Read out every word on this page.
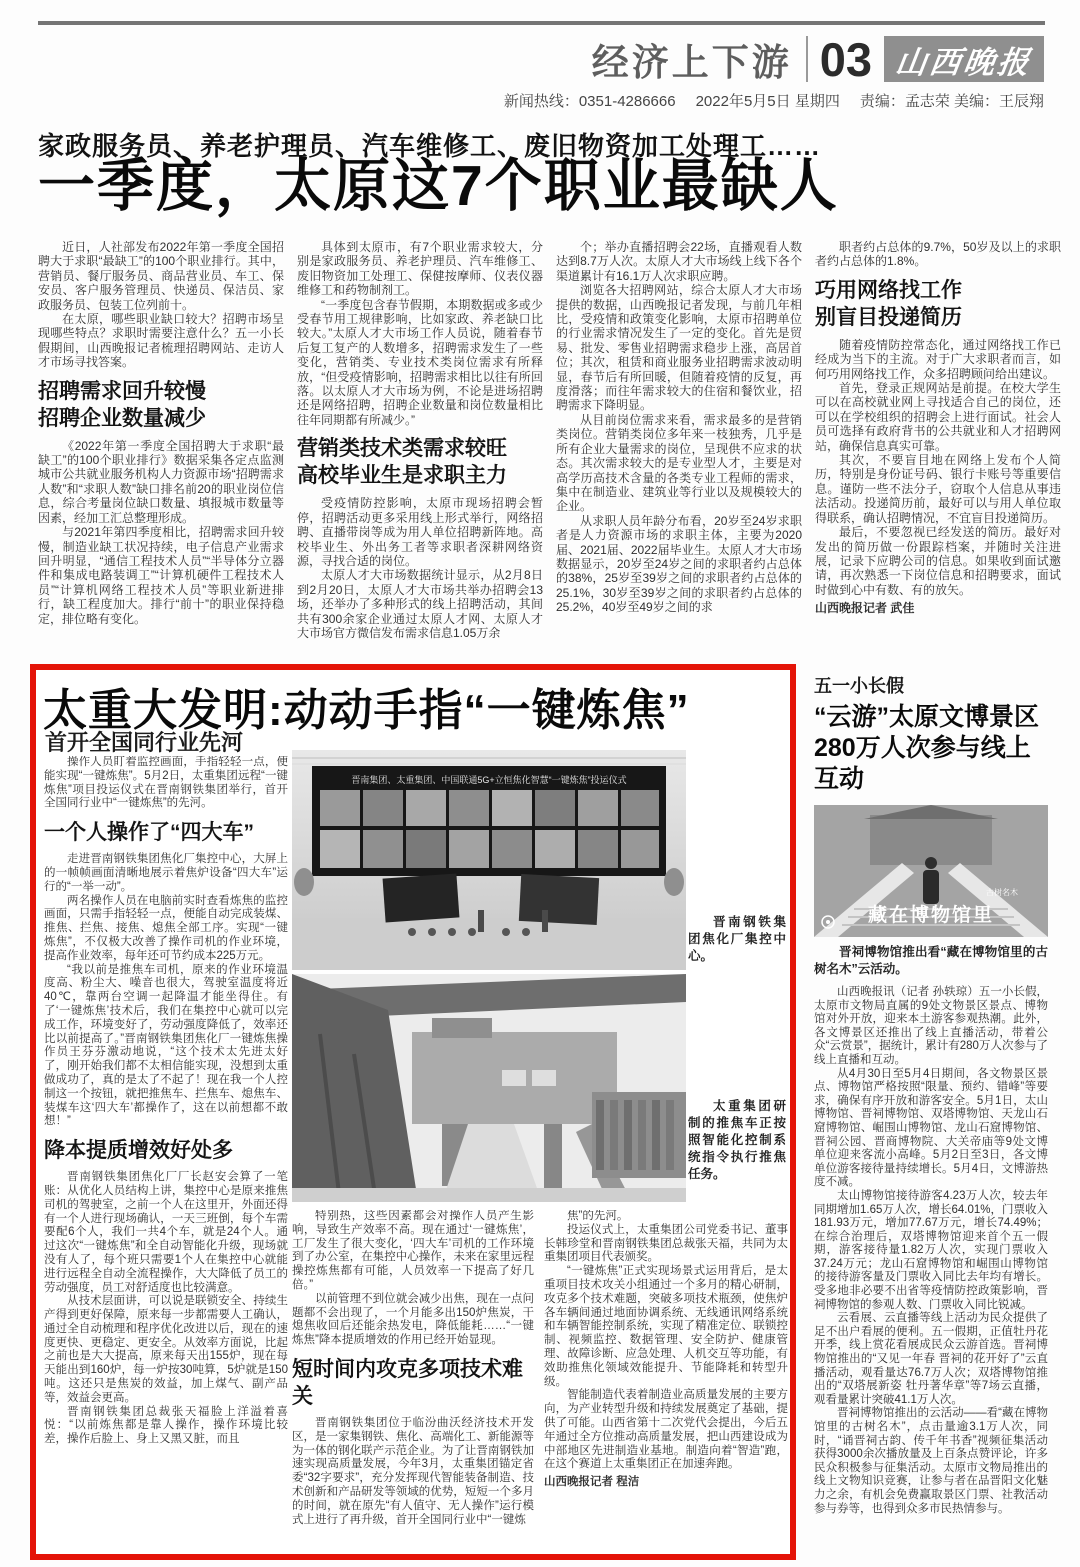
经济上下游 03 山西晚报
新闻热线：0351-4286666 2022年5月5日 星期四 责编：孟志荣 美编：王辰翔
家政服务员、养老护理员、汽车维修工、废旧物资加工处理工……
一季度，太原这7个职业最缺人

近日，人社部发布2022年第一季度全国招聘大于求职“最缺工”的100个职业排行。其中，营销员、餐厅服务员、商品营业员、车工、保安员、客户服务管理员、快递员、保洁员、家政服务员、包装工位列前十。

在太原，哪些职业缺口较大？招聘市场呈现哪些特点？求职时需要注意什么？五一小长假期间，山西晚报记者梳理招聘网站、走访人才市场寻找答案。

招聘需求回升较慢
招聘企业数量减少

《2022年第一季度全国招聘大于求职“最缺工”的100个职业排行》数据采集各定点监测城市公共就业服务机构人力资源市场“招聘需求人数”和“求职人数”缺口排名前20的职业岗位信息，综合考量岗位缺口数量、填报城市数量等因素，经加工汇总整理形成。

与2021年第四季度相比，招聘需求回升较慢，制造业缺工状况持续，电子信息产业需求回升明显，“通信工程技术人员”“半导体分立器件和集成电路装调工”“计算机硬件工程技术人员”“计算机网络工程技术人员”等职业新进排行，缺工程度加大。排行“前十”的职业保持稳定，排位略有变化。

具体到太原市，有7个职业需求较大，分别是家政服务员、养老护理员、汽车维修工、废旧物资加工处理工、保健按摩师、仪表仪器维修工和药物制剂工。

“一季度包含春节假期，本期数据或多或少受春节用工规律影响，比如家政、养老缺口比较大。”太原人才大市场工作人员说，随着春节后复工复产的人数增多，招聘需求发生了一些变化，营销类、专业技术类岗位需求有所释放，“但受疫情影响，招聘需求相比以往有所回落。以太原人才大市场为例，不论是进场招聘还是网络招聘，招聘企业数量和岗位数量相比往年同期都有所减少。”

营销类技术类需求较旺
高校毕业生是求职主力

受疫情防控影响，太原市现场招聘会暂停，招聘活动更多采用线上形式举行，网络招聘、直播带岗等成为用人单位招聘新阵地。高校毕业生、外出务工者等求职者深耕网络资源，寻找合适的岗位。

太原人才大市场数据统计显示，从2月8日到2月20日，太原人才大市场共举办招聘会13场，还举办了多种形式的线上招聘活动，其间共有300余家企业通过太原人才网、太原人才大市场官方微信发布需求信息1.05万余

个；举办直播招聘会22场，直播观看人数达到8.7万人次。太原人才大市场线上线下各个渠道累计有16.1万人次求职应聘。

浏览各大招聘网站，综合太原人才大市场提供的数据，山西晚报记者发现，与前几年相比，受疫情和政策变化影响，太原市招聘单位的行业需求情况发生了一定的变化。首先是贸易、批发、零售业招聘需求稳步上涨，高居首位；其次，租赁和商业服务业招聘需求波动明显，春节后有所回暖，但随着疫情的反复，再度滑落；而往年需求较大的住宿和餐饮业，招聘需求下降明显。

从目前岗位需求来看，需求最多的是营销类岗位。营销类岗位多年来一枝独秀，几乎是所有企业大量需求的岗位，呈现供不应求的状态。其次需求较大的是专业型人才，主要是对高学历高技术含量的各类专业工程师的需求，集中在制造业、建筑业等行业以及规模较大的企业。

从求职人员年龄分布看，20岁至24岁求职者是人力资源市场的求职主体，主要为2020届、2021届、2022届毕业生。太原人才大市场数据显示，20岁至24岁之间的求职者约占总体的38%，25岁至39岁之间的求职者约占总体的25.1%，30岁至39岁之间的求职者约占总体的25.2%，40岁至49岁之间的求

职者约占总体的9.7%，50岁及以上的求职者约占总体的1.8%。

巧用网络找工作
别盲目投递简历

随着疫情防控常态化，通过网络找工作已经成为当下的主流。对于广大求职者而言，如何巧用网络找工作，众多招聘顾问给出建议。

首先，登录正规网站是前提。在校大学生可以在高校就业网上寻找适合自己的岗位，还可以在学校组织的招聘会上进行面试。社会人员可选择有政府背书的公共就业和人才招聘网站，确保信息真实可靠。

其次，不要盲目地在网络上发布个人简历，特别是身份证号码、银行卡账号等重要信息。谨防一些不法分子，窃取个人信息从事违法活动。投递简历前，最好可以与用人单位取得联系，确认招聘情况，不宜盲目投递简历。

最后，不要忽视已经发送的简历。最好对发出的简历做一份跟踪档案，并随时关注进展，记录下应聘公司的信息。如果收到面试邀请，再次熟悉一下岗位信息和招聘要求，面试时做到心中有数、有的放矢。

山西晚报记者 武佳

太重大发明:动动手指“一键炼焦”
首开全国同行业先河

操作人员盯着监控画面，手指轻轻一点，便能实现“一键炼焦”。5月2日，太重集团远程“一键炼焦”项目投运仪式在晋南钢铁集团举行，首开全国同行业中“一键炼焦”的先河。

一个人操作了“四大车”

走进晋南钢铁集团焦化厂集控中心，大屏上的一帧帧画面清晰地展示着焦炉设备“四大车”运行的“一举一动”。

两名操作人员在电脑前实时查看炼焦的监控画面，只需手指轻轻一点，便能自动完成装煤、推焦、拦焦、接焦、熄焦全部工序。实现“一键炼焦”，不仅极大改善了操作司机的作业环境，提高作业效率，每年还可节约成本225万元。

“我以前是推焦车司机，原来的作业环境温度高、粉尘大、噪音也很大，驾驶室温度将近40℃，靠两台空调一起降温才能坐得住。有了‘一键炼焦’技术后，我们在集控中心就可以完成工作，环境变好了，劳动强度降低了，效率还比以前提高了。”晋南钢铁集团焦化厂一键炼焦操作员王芬芬激动地说，“这个技术太先进太好了，刚开始我们都不太相信能实现，没想到太重做成功了，真的是太了不起了！现在我一个人控制这一个按钮，就把推焦车、拦焦车、熄焦车、装煤车这‘四大车’都操作了，这在以前想都不敢想！”

降本提质增效好处多

晋南钢铁集团焦化厂厂长赵安会算了一笔账：从优化人员结构上讲，集控中心是原来推焦司机的驾驶室，之前一个人在这里开，外面还得有一个人进行现场确认，一天三班倒，每个车需要配6个人，我们一共4个车，就是24个人。通过这次“一键炼焦”和全自动智能化升级，现场就没有人了，每个班只需要1个人在集控中心就能进行远程全自动全流程操作，大大降低了员工的劳动强度，员工对舒适度也比较满意。

从技术层面讲，可以说是联锁安全、持续生产得到更好保障，原来每一步都需要人工确认，通过全自动梳理和程序优化改进以后，现在的速度更快、更稳定、更安全。从效率方面说，比起之前也是大大提高，原来每天出155炉，现在每天能出到160炉，每一炉按30吨算，5炉就是150吨。这还只是焦炭的效益，加上煤气、副产品等，效益会更高。

晋南钢铁集团总裁张天福脸上洋溢着喜悦：“以前炼焦都是靠人操作，操作环境比较差，操作后脸上、身上又黑又脏，而且

晋南集团、太重集团、中国联通5G+立恒焦化智慧“一键炼焦”投运仪式
晋南钢铁集团焦化厂集控中心。
太重集团研制的推焦车正按照智能化控制系统指令执行推焦任务。

特别热，这些因素都会对操作人员产生影响，导致生产效率不高。现在通过‘一键炼焦’，工厂发生了很大变化，‘四大车’司机的工作环境到了办公室，在集控中心操作，未来在家里远程操控炼焦都有可能，人员效率一下提高了好几倍。”

以前管理不到位就会减少出焦，现在一点问题都不会出现了，一个月能多出150炉焦炭，干熄焦收回后还能余热发电，降低能耗……“一键炼焦”降本提质增效的作用已经开始显现。

短时间内攻克多项技术难关

晋南钢铁集团位于临汾曲沃经济技术开发区，是一家集钢铁、焦化、高端化工、新能源等为一体的钢化联产示范企业。为了让晋南钢铁加速实现高质量发展，今年3月，太重集团锚定省委“32字要求”，充分发挥现代智能装备制造、技术创新和产品研发等领域的优势，短短一个多月的时间，就在原先“有人值守、无人操作”运行模式上进行了再升级，首开全国同行业中“一键炼

焦”的先河。

投运仪式上，太重集团公司党委书记、董事长韩珍堂和晋南钢铁集团总裁张天福，共同为太重集团项目代表颁奖。

“一键炼焦”正式实现场景式运用背后，是太重项目技术攻关小组通过一个多月的精心研制，攻克多个技术难题，突破多项技术瓶颈，使焦炉各车辆间通过地面协调系统、无线通讯网络系统和车辆智能控制系统，实现了精准定位、联锁控制、视频监控、数据管理、安全防护、健康管理、故障诊断、应急处理、人机交互等功能，有效助推焦化领域效能提升、节能降耗和转型升级。

智能制造代表着制造业高质量发展的主要方向，为产业转型升级和持续发展奠定了基础，提供了可能。山西省第十二次党代会提出，今后五年通过全方位推动高质量发展，把山西建设成为中部地区先进制造业基地。制造向着“智造”跑，在这个赛道上太重集团正在加速奔跑。

山西晚报记者 程洁

五一小长假
“云游”太原文博景区
280万人次参与线上互动
古树名木
藏在博物馆里
晋祠博物馆推出看“藏在博物馆里的古树名木”云活动。

山西晚报讯（记者 孙轶琼）五一小长假，太原市文物局直属的9处文物景区景点、博物馆对外开放，迎来本土游客参观热潮。此外，各文博景区还推出了线上直播活动，带着公众“云赏景”，据统计，累计有280万人次参与了线上直播和互动。

从4月30日至5月4日期间，各文物景区景点、博物馆严格按照“限量、预约、错峰”等要求，确保有序开放和游客安全。5月1日，太山博物馆、晋祠博物馆、双塔博物馆、天龙山石窟博物馆、崛围山博物馆、龙山石窟博物馆、晋祠公园、晋商博物院、大关帝庙等9处文博单位迎来客流小高峰。5月2日至3日，各文博单位游客接待量持续增长。5月4日，文博游热度不减。

太山博物馆接待游客4.23万人次，较去年同期增加1.65万人次，增长64.01%，门票收入181.93万元，增加77.67万元，增长74.49%；在综合治理后，双塔博物馆迎来首个五一假期，游客接待量1.82万人次，实现门票收入37.24万元；龙山石窟博物馆和崛围山博物馆的接待游客量及门票收入同比去年均有增长。受多地非必要不出省等疫情防控政策影响，晋祠博物馆的参观人数、门票收入同比锐减。

云看展、云直播等线上活动为民众提供了足不出户看展的便利。五一假期，正值牡丹花开季，线上赏花看展成民众云游首选。晋祠博物馆推出的“又见一年春 晋祠的花开好了”云直播活动，观看量达76.7万人次；双塔博物馆推出的“双塔展新姿 牡丹著华章”等7场云直播，观看量累计突破41.1万人次。

晋祠博物馆推出的云活动——看“藏在博物馆里的古树名木”，点击量逾3.1万人次，同时，“诵晋祠古韵、传千年书香”视频征集活动获得3000余次播放量及上百条点赞评论，许多民众积极参与征集活动。太原市文物局推出的线上文物知识竞赛，让参与者在品晋阳文化魅力之余，有机会免费赢取景区门票、社教活动参与券等，也得到众多市民热情参与。
